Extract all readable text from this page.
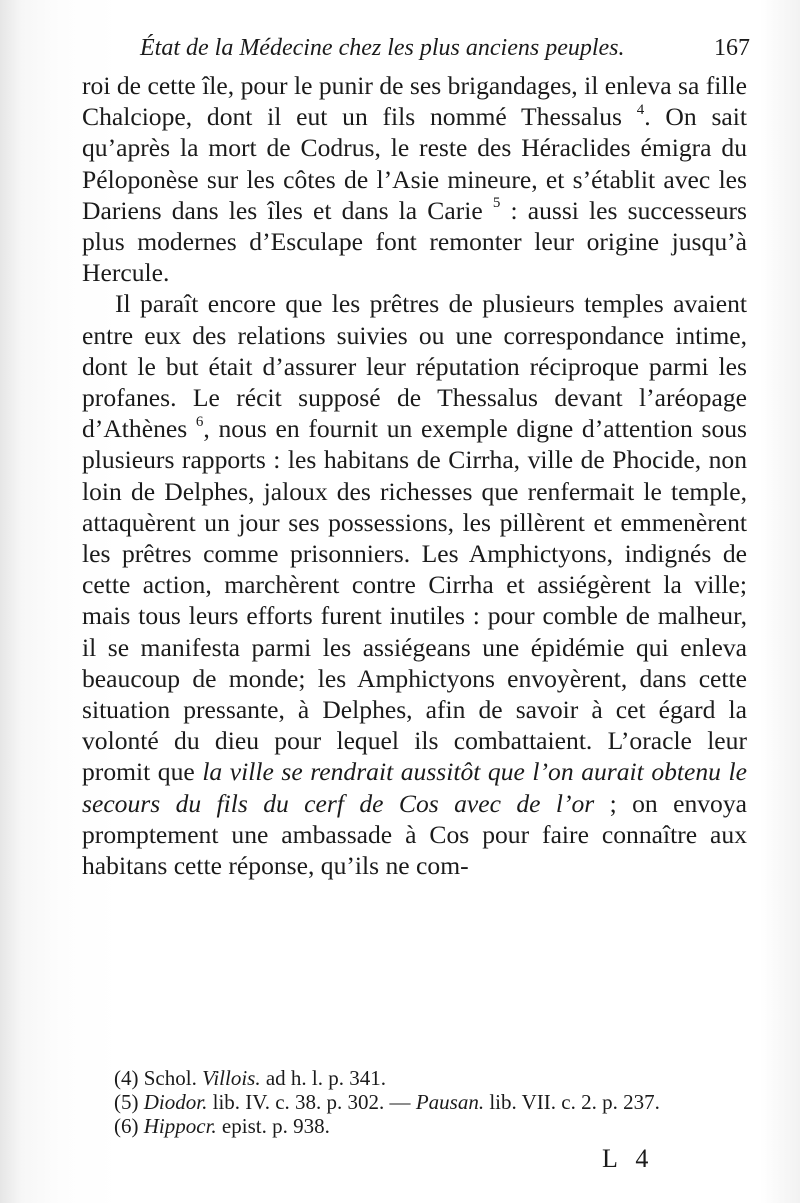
État de la Médecine chez les plus anciens peuples.	167

roi de cette île, pour le punir de ses brigandages, il enleva sa fille Chalciope, dont il eut un fils nommé Thessalus $^4$. On sait qu’après la mort de Codrus, le reste des Héraclides émigra du Péloponèse sur les côtes de l’Asie mineure, et s’établit avec les Dariens dans les îles et dans la Carie $^5$ : aussi les successeurs plus modernes d’Esculape font remonter leur origine jusqu’à Hercule.

Il paraît encore que les prêtres de plusieurs temples avaient entre eux des relations suivies ou une correspondance intime, dont le but était d’assurer leur réputation réciproque parmi les profanes. Le récit supposé de Thessalus devant l’aréopage d’Athènes $^6$, nous en fournit un exemple digne d’attention sous plusieurs rapports : les habitans de Cirrha, ville de Phocide, non loin de Delphes, jaloux des richesses que renfermait le temple, attaquèrent un jour ses possessions, les pillèrent et emmenèrent les prêtres comme prisonniers. Les Amphictyons, indignés de cette action, marchèrent contre Cirrha et assiégèrent la ville; mais tous leurs efforts furent inutiles : pour comble de malheur, il se manifesta parmi les assiégeans une épidémie qui enleva beaucoup de monde; les Amphictyons envoyèrent, dans cette situation pressante, à Delphes, afin de savoir à cet égard la volonté du dieu pour lequel ils combattaient. L’oracle leur promit que la ville se rendrait aussitôt que l’on aurait obtenu le secours du fils du cerf de Cos avec de l’or ; on envoya promptement une ambassade à Cos pour faire connaître aux habitans cette réponse, qu’ils ne com-

(4) Schol. Villois. ad h. l. p. 341.
(5) Diodor. lib. IV. c. 38. p. 302. — Pausan. lib. VII. c. 2. p. 237.
(6) Hippocr. epist. p. 938.
L 4
